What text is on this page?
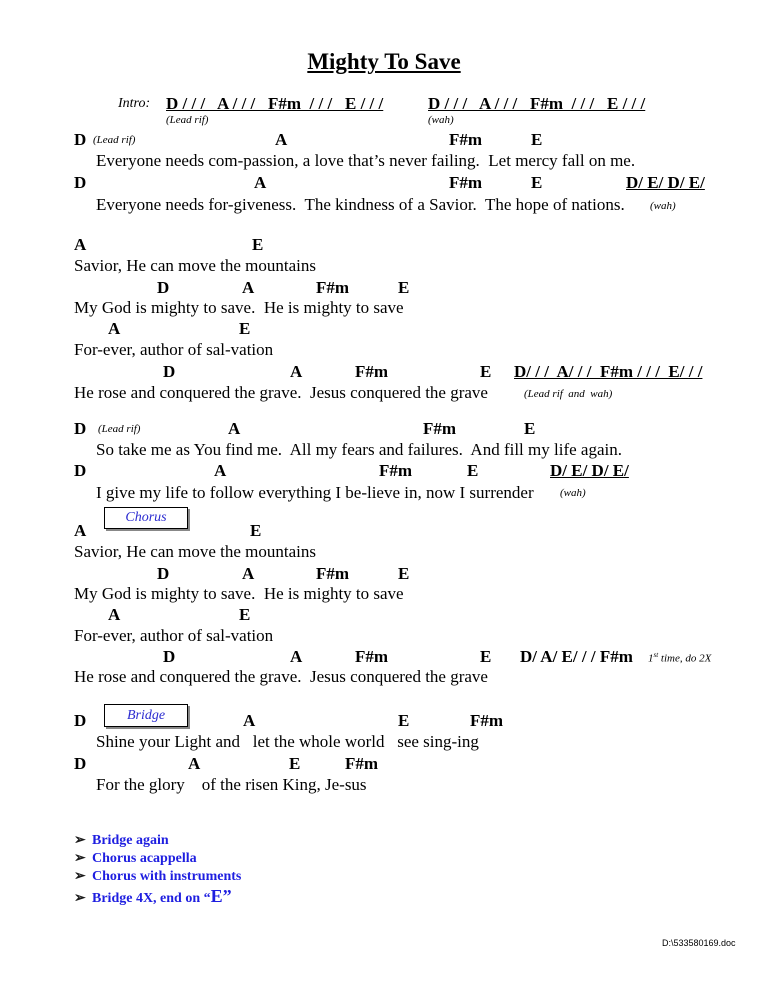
Mighty To Save
Intro: D / / /   A / / /   F#m  / / /   E / / /	D / / /   A / / /   F#m  / / /   E / / /
(Lead rif)	(wah)
D (Lead rif)	A	F#m	E
Everyone needs com-passion, a love that’s never failing.  Let mercy fall on me.
D	A	F#m	E	D/ E/ D/ E/
Everyone needs for-giveness.  The kindness of a Savior.  The hope of nations. (wah)
A	E
Savior, He can move the mountains
D	A	F#m	E
My God is mighty to save.  He is mighty to save
A	E
For-ever, author of sal-vation
D	A	F#m	E D/ / /  A/ / /  F#m / / /  E/ / /
He rose and conquered the grave.  Jesus conquered the grave	(Lead rif  and  wah)
D (Lead rif)	A	F#m	E
So take me as You find me.  All my fears and failures.  And fill my life again.
D	A	F#m	E	D/ E/ D/ E/
I give my life to follow everything I be-lieve in, now I surrender (wah)
Chorus
A	E
Savior, He can move the mountains
D	A	F#m	E
My God is mighty to save.  He is mighty to save
A	E
For-ever, author of sal-vation
D	A	F#m	E D/ A/ E/ / / F#m 1st time, do 2X
He rose and conquered the grave.  Jesus conquered the grave
Bridge
D	A	E	F#m
Shine your Light and   let the whole world   see sing-ing
D	A	E	F#m
For the glory    of the risen King, Je-sus
➢ Bridge again
➢ Chorus acappella
➢ Chorus with instruments
➢ Bridge 4X, end on “E”
D:\533580169.doc
